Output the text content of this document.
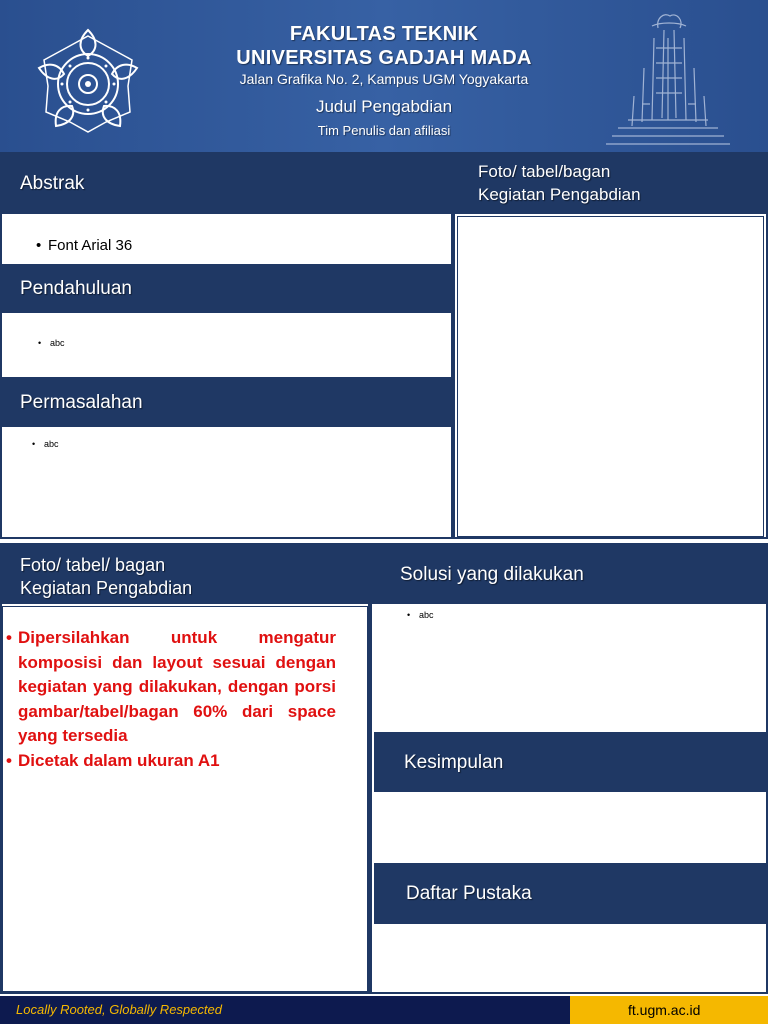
FAKULTAS TEKNIK
UNIVERSITAS GADJAH MADA
Jalan Grafika No. 2, Kampus UGM Yogyakarta
Judul Pengabdian
Tim Penulis dan afiliasi
Abstrak
• Font Arial 36
Pendahuluan
• abc
Permasalahan
• abc
Foto/ tabel/bagan
Kegiatan Pengabdian
Foto/ tabel/ bagan
Kegiatan Pengabdian
• Dipersilahkan untuk mengatur komposisi dan layout sesuai dengan kegiatan yang dilakukan, dengan porsi gambar/tabel/bagan 60% dari space yang tersedia
• Dicetak dalam ukuran A1
Solusi yang dilakukan
• abc
Kesimpulan
Daftar Pustaka
Locally Rooted, Globally Respected	ft.ugm.ac.id
